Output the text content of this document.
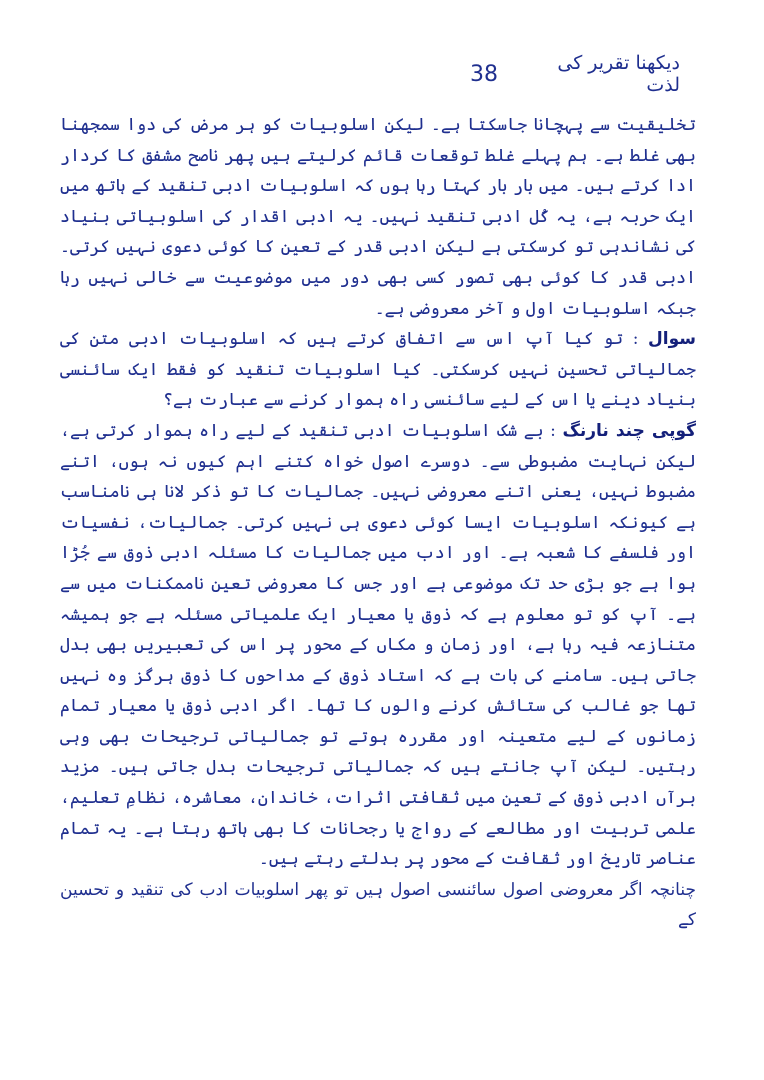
دیکھنا تقریر کی لذت
38

تخلیقیت سے پہچانا جاسکتا ہے۔ لیکن اسلوبیات کو ہر مرض کی دوا سمجھنا بھی غلط ہے۔ ہم پہلے غلط توقعات قائم کرلیتے ہیں پھر ناصح مشفق کا کردار ادا کرتے ہیں۔ میں بار بار کہتا رہا ہوں کہ اسلوبیات ادبی تنقید کے ہاتھ میں ایک حربہ ہے، یہ کُل ادبی تنقید نہیں۔ یہ ادبی اقدار کی اسلوبیاتی بنیاد کی نشاندہی تو کرسکتی ہے لیکن ادبی قدر کے تعین کا کوئی دعوی نہیں کرتی۔ ادبی قدر کا کوئی بھی تصور کسی بھی دور میں موضوعیت سے خالی نہیں رہا جبکہ اسلوبیات اول و آخر معروضی ہے۔

سوال : تو کیا آپ اس سے اتفاق کرتے ہیں کہ اسلوبیات ادبی متن کی جمالیاتی تحسین نہیں کرسکتی۔ کیا اسلوبیات تنقید کو فقط ایک سائنسی بنیاد دینے یا اس کے لیے سائنسی راہ ہموار کرنے سے عبارت ہے؟

گوپی چند نارنگ : بے شک اسلوبیات ادبی تنقید کے لیے راہ ہموار کرتی ہے، لیکن نہایت مضبوطی سے۔ دوسرے اصول خواہ کتنے اہم کیوں نہ ہوں، اتنے مضبوط نہیں، یعنی اتنے معروضی نہیں۔ جمالیات کا تو ذکر لانا ہی نامناسب ہے کیونکہ اسلوبیات ایسا کوئی دعوی ہی نہیں کرتی۔ جمالیات، نفسیات اور فلسفے کا شعبہ ہے۔ اور ادب میں جمالیات کا مسئلہ ادبی ذوق سے جُڑا ہوا ہے جو بڑی حد تک موضوعی ہے اور جس کا معروضی تعین ناممکنات میں سے ہے۔ آپ کو تو معلوم ہے کہ ذوق یا معیار ایک علمیاتی مسئلہ ہے جو ہمیشہ متنازعہ فیہ رہا ہے، اور زمان و مکاں کے محور پر اس کی تعبیریں بھی بدل جاتی ہیں۔ سامنے کی بات ہے کہ استاد ذوق کے مداحوں کا ذوق ہرگز وہ نہیں تھا جو غالب کی ستائش کرنے والوں کا تھا۔ اگر ادبی ذوق یا معیار تمام زمانوں کے لیے متعینہ اور مقررہ ہوتے تو جمالیاتی ترجیحات بھی وہی رہتیں۔ لیکن آپ جانتے ہیں کہ جمالیاتی ترجیحات بدل جاتی ہیں۔ مزید برآں ادبی ذوق کے تعین میں ثقافتی اثرات، خاندان، معاشرہ، نظامِ تعلیم، علمی تربیت اور مطالعے کے رواج یا رجحانات کا بھی ہاتھ رہتا ہے۔ یہ تمام عناصر تاریخ اور ثقافت کے محور پر بدلتے رہتے ہیں۔

چنانچہ اگر معروضی اصول سائنسی اصول ہیں تو پھر اسلوبیات ادب کی تنقید و تحسین کے
